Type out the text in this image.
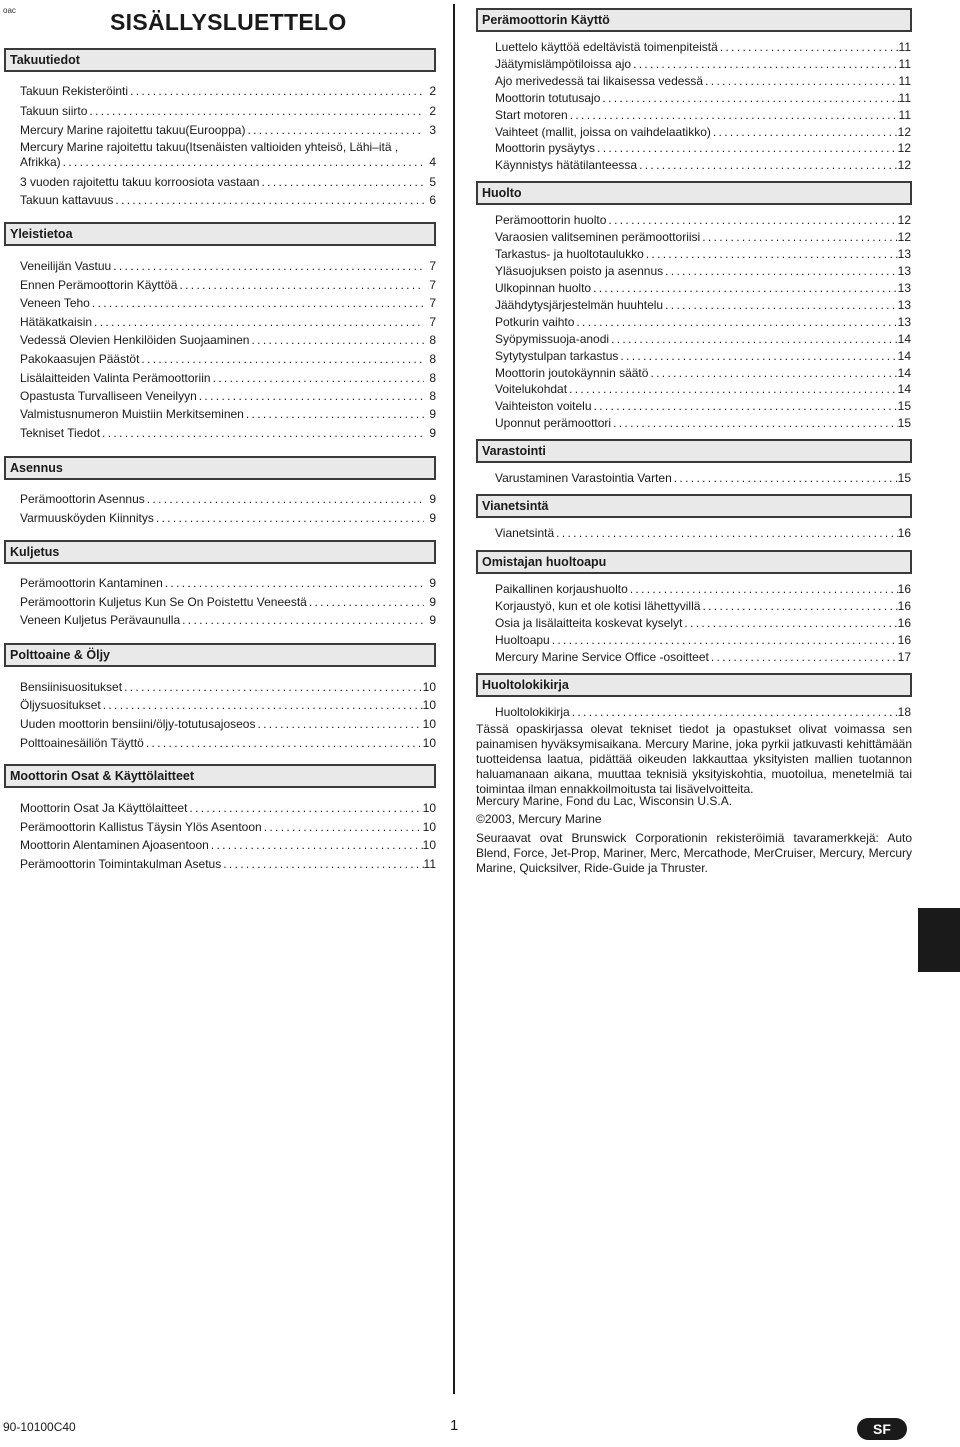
oac	SISÄLLYSLUETTELO
Takuutiedot
Takuun Rekisteröinti . . .	2
Takuun siirto . . .	2
Mercury Marine rajoitettu takuu(Eurooppa) . . .	3
Mercury Marine rajoitettu takuu(Itsenäisten valtioiden yhteisö, Lähi–itä ,
Afrikka) . . .	4
3 vuoden rajoitettu takuu korroosiota vastaan . . .	5
Takuun kattavuus . . .	6
Yleistietoa
Veneilijän Vastuu . . .	7
Ennen Perämoottorin Käyttöä . . .	7
Veneen Teho . . .	7
Hätäkatkaisin . . .	7
Vedessä Olevien Henkilöiden Suojaaminen . . .	8
Pakokaasujen Päästöt . . .	8
Lisälaitteiden Valinta Perämoottoriin . . .	8
Opastusta Turvalliseen Veneilyyn . . .	8
Valmistusnumeron Muistiin Merkitseminen . . .	9
Tekniset Tiedot . . .	9
Asennus
Perämoottorin Asennus . . .	9
Varmuusköyden Kiinnitys . . .	9
Kuljetus
Perämoottorin Kantaminen . . .	9
Perämoottorin Kuljetus Kun Se On Poistettu Veneestä . . .	9
Veneen Kuljetus Perävaunulla . . .	9
Polttoaine & Öljy
Bensiinisuositukset . . .	10
Öljysuositukset . . .	10
Uuden moottorin bensiini/öljy-totutusajoseos . . .	10
Polttoainesäiliön Täyttö . . .	10
Moottorin Osat & Käyttölaitteet
Moottorin Osat Ja Käyttölaitteet . . .	10
Perämoottorin Kallistus Täysin Ylös Asentoon . . .	10
Moottorin Alentaminen Ajoasentoon . . .	10
Perämoottorin Toimintakulman Asetus . . .	11
Perämoottorin Käyttö
Luettelo käyttöä edeltävistä toimenpiteistä . . .	11
Jäätymislämpötiloissa ajo . . .	11
Ajo merivedessä tai likaisessa vedessä . . .	11
Moottorin totutusajo . . .	11
Start motoren . . .	11
Vaihteet (mallit, joissa on vaihdelaatikko) . . .	12
Moottorin pysäytys . . .	12
Käynnistys hätätilanteessa . . .	12
Huolto
Perämoottorin huolto . . .	12
Varaosien valitseminen perämoottoriisi . . .	12
Tarkastus- ja huoltotaulukko . . .	13
Yläsuojuksen poisto ja asennus . . .	13
Ulkopinnan huolto . . .	13
Jäähdytysjärjestelmän huuhtelu . . .	13
Potkurin vaihto . . .	13
Syöpymissuoja-anodi . . .	14
Sytytystulpan tarkastus . . .	14
Moottorin joutokäynnin säätö . . .	14
Voitelukohdat . . .	14
Vaihteiston voitelu . . .	15
Uponnut perämoottori . . .	15
Varastointi
Varustaminen Varastointia Varten . . .	15
Vianetsintä
Vianetsintä . . .	16
Omistajan huoltoapu
Paikallinen korjaushuolto . . .	16
Korjaustyö, kun et ole kotisi lähettyvillä . . .	16
Osia ja lisälaitteita koskevat kyselyt . . .	16
Huoltoapu . . .	16
Mercury Marine Service Office -osoitteet . . .	17
Huoltolokikirja
Huoltolokikirja . . .	18
Tässä opaskirjassa olevat tekniset tiedot ja opastukset olivat voimassa sen painamisen hyväksymisaikana. Mercury Marine, joka pyrkii jatkuvasti kehittämään tuotteidensa laatua, pidättää oikeuden lakkauttaa yksityisten mallien tuotannon haluamanaan aikana, muuttaa teknisiä yksityiskohtia, muotoilua, menetelmiä tai toimintaa ilman ennakkoilmoitusta tai lisävelvoitteita.
Mercury Marine, Fond du Lac, Wisconsin U.S.A.
©2003, Mercury Marine
Seuraavat ovat Brunswick Corporationin rekisteröimiä tavaramerkkejä: Auto Blend, Force, Jet-Prop, Mariner, Merc, Mercathode, MerCruiser, Mercury, Mercury Marine, Quicksilver, Ride-Guide ja Thruster.
90-10100C40	1	SF
